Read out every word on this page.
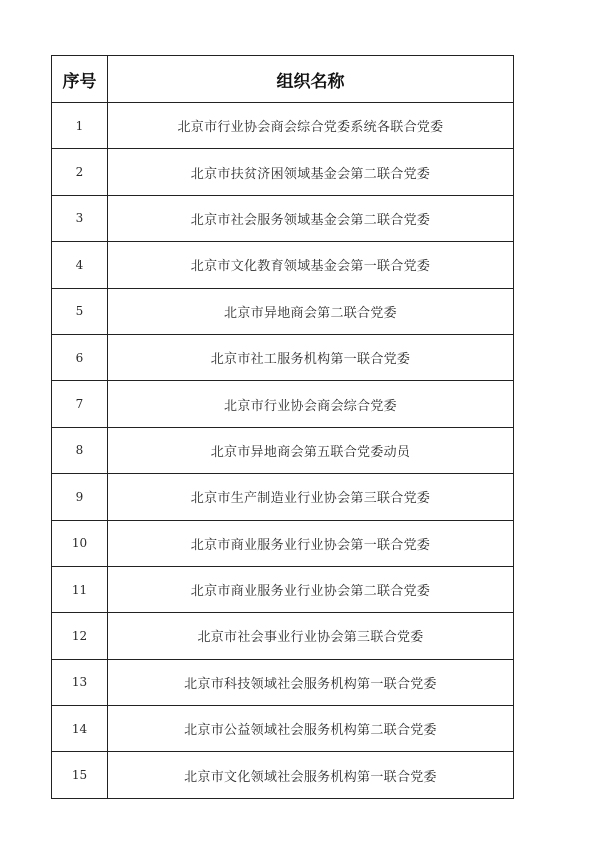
序号	组织名称
1	北京市行业协会商会综合党委系统各联合党委
2	北京市扶贫济困领域基金会第二联合党委
3	北京市社会服务领域基金会第二联合党委
4	北京市文化教育领域基金会第一联合党委
5	北京市异地商会第二联合党委
6	北京市社工服务机构第一联合党委
7	北京市行业协会商会综合党委
8	北京市异地商会第五联合党委动员
9	北京市生产制造业行业协会第三联合党委
10	北京市商业服务业行业协会第一联合党委
11	北京市商业服务业行业协会第二联合党委
12	北京市社会事业行业协会第三联合党委
13	北京市科技领域社会服务机构第一联合党委
14	北京市公益领域社会服务机构第二联合党委
15	北京市文化领域社会服务机构第一联合党委
